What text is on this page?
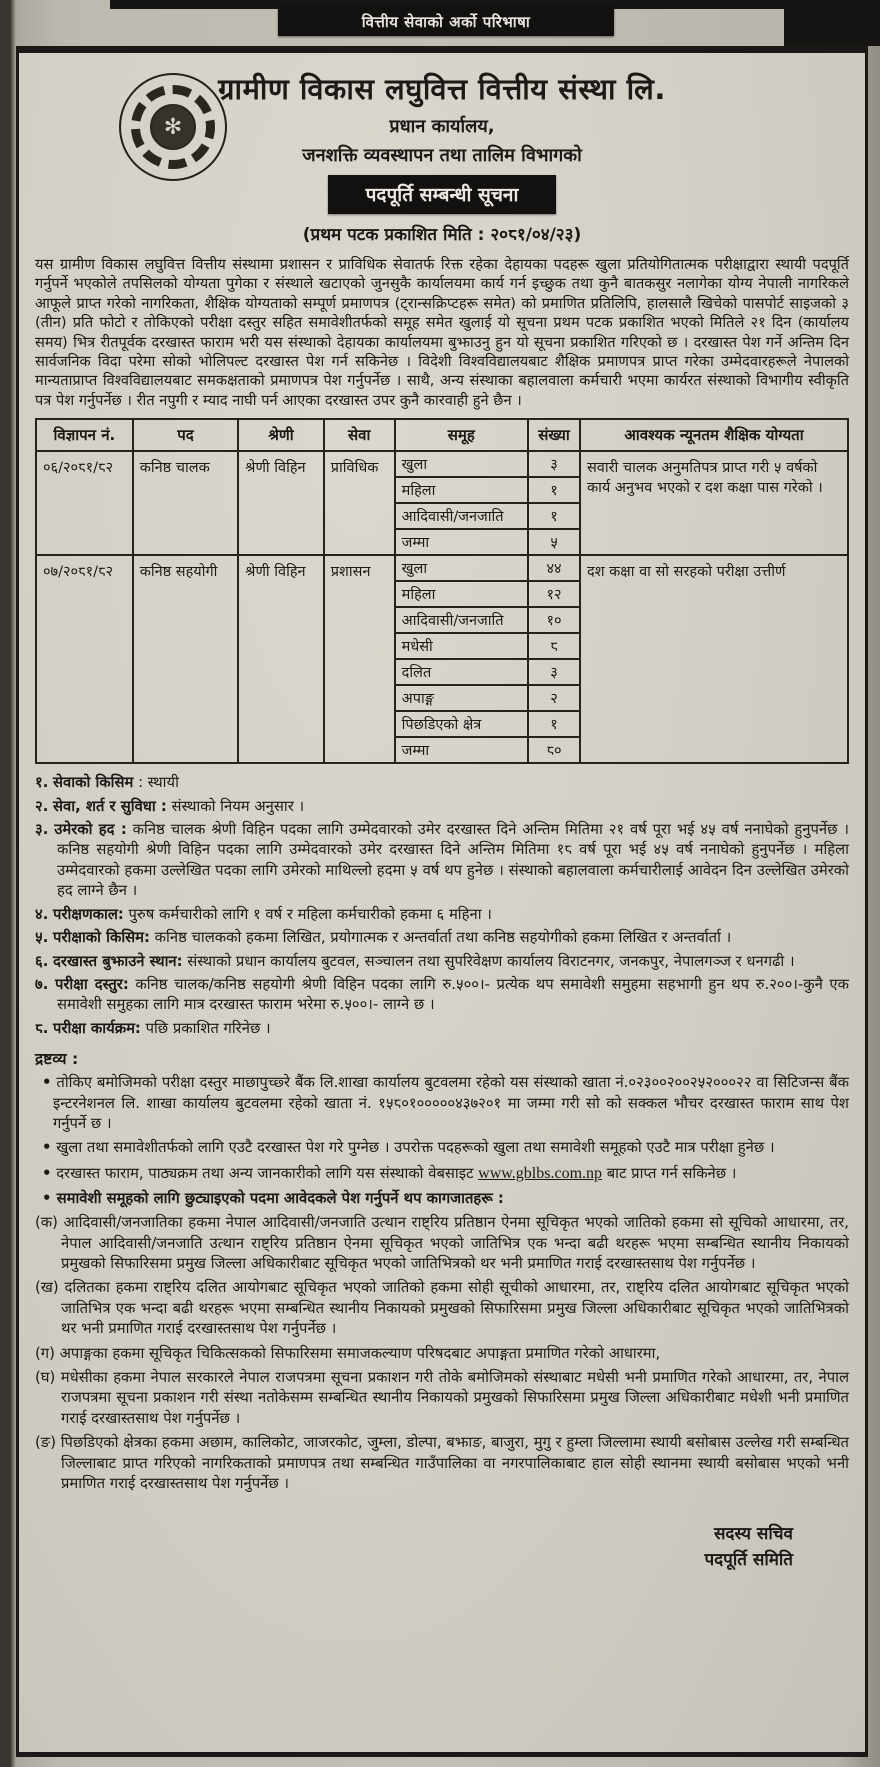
वित्तीय सेवाको अर्को परिभाषा
✻
ग्रामीण विकास लघुवित्त वित्तीय संस्था लि.
प्रधान कार्यालय,
जनशक्ति व्यवस्थापन तथा तालिम विभागको
पदपूर्ति सम्बन्धी सूचना
(प्रथम पटक प्रकाशित मिति : २०८१/०४/२३)
यस ग्रामीण विकास लघुवित्त वित्तीय संस्थामा प्रशासन र प्राविधिक सेवातर्फ रिक्त रहेका देहायका पदहरू खुला प्रतियोगितात्मक परीक्षाद्वारा स्थायी पदपूर्ति गर्नुपर्ने भएकोले तपसिलको योग्यता पुगेका र संस्थाले खटाएको जुनसुकै कार्यालयमा कार्य गर्न इच्छुक तथा कुनै बातकसुर नलागेका योग्य नेपाली नागरिकले आफूले प्राप्त गरेको नागरिकता, शैक्षिक योग्यताको सम्पूर्ण प्रमाणपत्र (ट्रान्सक्रिप्टहरू समेत) को प्रमाणित प्रतिलिपि, हालसालै खिचेको पासपोर्ट साइजको ३ (तीन) प्रति फोटो र तोकिएको परीक्षा दस्तुर सहित समावेशीतर्फको समूह समेत खुलाई यो सूचना प्रथम पटक प्रकाशित भएको मितिले २१ दिन (कार्यालय समय) भित्र रीतपूर्वक दरखास्त फाराम भरी यस संस्थाको देहायका कार्यालयमा बुझाउनु हुन यो सूचना प्रकाशित गरिएको छ । दरखास्त पेश गर्ने अन्तिम दिन सार्वजनिक विदा परेमा सोको भोलिपल्ट दरखास्त पेश गर्न सकिनेछ । विदेशी विश्वविद्यालयबाट शैक्षिक प्रमाणपत्र प्राप्त गरेका उम्मेदवारहरूले नेपालको मान्यताप्राप्त विश्वविद्यालयबाट समकक्षताको प्रमाणपत्र पेश गर्नुपर्नेछ । साथै, अन्य संस्थाका बहालवाला कर्मचारी भएमा कार्यरत संस्थाको विभागीय स्वीकृति पत्र पेश गर्नुपर्नेछ । रीत नपुगी र म्याद नाघी पर्न आएका दरखास्त उपर कुनै कारवाही हुने छैन ।
विज्ञापन नं.	पद	श्रेणी	सेवा	समूह	संख्या	आवश्यक न्यूनतम शैक्षिक योग्यता
०६/२०८१/८२	कनिष्ठ चालक	श्रेणी विहिन	प्राविधिक	खुला	३	सवारी चालक अनुमतिपत्र प्राप्त गरी ५ वर्षको कार्य अनुभव भएको र दश कक्षा पास गरेको ।
				महिला	१	
				आदिवासी/जनजाति	१	
				जम्मा	५	
०७/२०८१/८२	कनिष्ठ सहयोगी	श्रेणी विहिन	प्रशासन	खुला	४४	दश कक्षा वा सो सरहको परीक्षा उत्तीर्ण
				महिला	१२	
				आदिवासी/जनजाति	१०	
				मधेसी	८	
				दलित	३	
				अपाङ्ग	२	
				पिछडिएको क्षेत्र	१	
				जम्मा	८०	
१. सेवाको किसिम : स्थायी
२. सेवा, शर्त र सुविधा : संस्थाको नियम अनुसार ।
३. उमेरको हद : कनिष्ठ चालक श्रेणी विहिन पदका लागि उम्मेदवारको उमेर दरखास्त दिने अन्तिम मितिमा २१ वर्ष पूरा भई ४५ वर्ष ननाघेको हुनुपर्नेछ । कनिष्ठ सहयोगी श्रेणी विहिन पदका लागि उम्मेदवारको उमेर दरखास्त दिने अन्तिम मितिमा १८ वर्ष पूरा भई ४५ वर्ष ननाघेको हुनुपर्नेछ । महिला उम्मेदवारको हकमा उल्लेखित पदका लागि उमेरको माथिल्लो हदमा ५ वर्ष थप हुनेछ । संस्थाको बहालवाला कर्मचारीलाई आवेदन दिन उल्लेखित उमेरको हद लाग्ने छैन ।
४. परीक्षणकाल: पुरुष कर्मचारीको लागि १ वर्ष र महिला कर्मचारीको हकमा ६ महिना ।
५. परीक्षाको किसिम: कनिष्ठ चालकको हकमा लिखित, प्रयोगात्मक र अन्तर्वार्ता तथा कनिष्ठ सहयोगीको हकमा लिखित र अन्तर्वार्ता ।
६. दरखास्त बुझाउने स्थान: संस्थाको प्रधान कार्यालय बुटवल, सञ्चालन तथा सुपरिवेक्षण कार्यालय विराटनगर, जनकपुर, नेपालगञ्ज र धनगढी ।
७. परीक्षा दस्तुर: कनिष्ठ चालक/कनिष्ठ सहयोगी श्रेणी विहिन पदका लागि रु.५००।- प्रत्येक थप समावेशी समुहमा सहभागी हुन थप रु.२००।-कुनै एक समावेशी समुहका लागि मात्र दरखास्त फाराम भरेमा रु.५००।- लाग्ने छ ।
८. परीक्षा कार्यक्रम: पछि प्रकाशित गरिनेछ ।
द्रष्टव्य :
• तोकिए बमोजिमको परीक्षा दस्तुर माछापुच्छ्रे बैंक लि.शाखा कार्यालय बुटवलमा रहेको यस संस्थाको खाता नं.०२३००२००२५२०००२२ वा सिटिजन्स बैंक इन्टरनेशनल लि. शाखा कार्यालय बुटवलमा रहेको खाता नं. १५८०१०००००४३७२०१ मा जम्मा गरी सो को सक्कल भौचर दरखास्त फाराम साथ पेश गर्नुपर्ने छ ।
• खुला तथा समावेशीतर्फको लागि एउटै दरखास्त पेश गरे पुग्नेछ । उपरोक्त पदहरूको खुला तथा समावेशी समूहको एउटै मात्र परीक्षा हुनेछ ।
• दरखास्त फाराम, पाठ्यक्रम तथा अन्य जानकारीको लागि यस संस्थाको वेबसाइट www.gblbs.com.np बाट प्राप्त गर्न सकिनेछ ।
• समावेशी समूहको लागि छुट्याइएको पदमा आवेदकले पेश गर्नुपर्ने थप कागजातहरू :
(क) आदिवासी/जनजातिका हकमा नेपाल आदिवासी/जनजाति उत्थान राष्ट्रिय प्रतिष्ठान ऐनमा सूचिकृत भएको जातिको हकमा सो सूचिको आधारमा, तर, नेपाल आदिवासी/जनजाति उत्थान राष्ट्रिय प्रतिष्ठान ऐनमा सूचिकृत भएको जातिभित्र एक भन्दा बढी थरहरू भएमा सम्बन्धित स्थानीय निकायको प्रमुखको सिफारिसमा प्रमुख जिल्ला अधिकारीबाट सूचिकृत भएको जातिभित्रको थर भनी प्रमाणित गराई दरखास्तसाथ पेश गर्नुपर्नेछ ।
(ख) दलितका हकमा राष्ट्रिय दलित आयोगबाट सूचिकृत भएको जातिको हकमा सोही सूचीको आधारमा, तर, राष्ट्रिय दलित आयोगबाट सूचिकृत भएको जातिभित्र एक भन्दा बढी थरहरू भएमा सम्बन्धित स्थानीय निकायको प्रमुखको सिफारिसमा प्रमुख जिल्ला अधिकारीबाट सूचिकृत भएको जातिभित्रको थर भनी प्रमाणित गराई दरखास्तसाथ पेश गर्नुपर्नेछ ।
(ग) अपाङ्गका हकमा सूचिकृत चिकित्सकको सिफारिसमा समाजकल्याण परिषदबाट अपाङ्गता प्रमाणित गरेको आधारमा,
(घ) मधेसीका हकमा नेपाल सरकारले नेपाल राजपत्रमा सूचना प्रकाशन गरी तोके बमोजिमको संस्थाबाट मधेसी भनी प्रमाणित गरेको आधारमा, तर, नेपाल राजपत्रमा सूचना प्रकाशन गरी संस्था नतोकेसम्म सम्बन्धित स्थानीय निकायको प्रमुखको सिफारिसमा प्रमुख जिल्ला अधिकारीबाट मधेशी भनी प्रमाणित गराई दरखास्तसाथ पेश गर्नुपर्नेछ ।
(ङ) पिछडिएको क्षेत्रका हकमा अछाम, कालिकोट, जाजरकोट, जुम्ला, डोल्पा, बझाङ, बाजुरा, मुगु र हुम्ला जिल्लामा स्थायी बसोबास उल्लेख गरी सम्बन्धित जिल्लाबाट प्राप्त गरिएको नागरिकताको प्रमाणपत्र तथा सम्बन्धित गाउँपालिका वा नगरपालिकाबाट हाल सोही स्थानमा स्थायी बसोबास भएको भनी प्रमाणित गराई दरखास्तसाथ पेश गर्नुपर्नेछ ।
सदस्य सचिव
पदपूर्ति समिति
